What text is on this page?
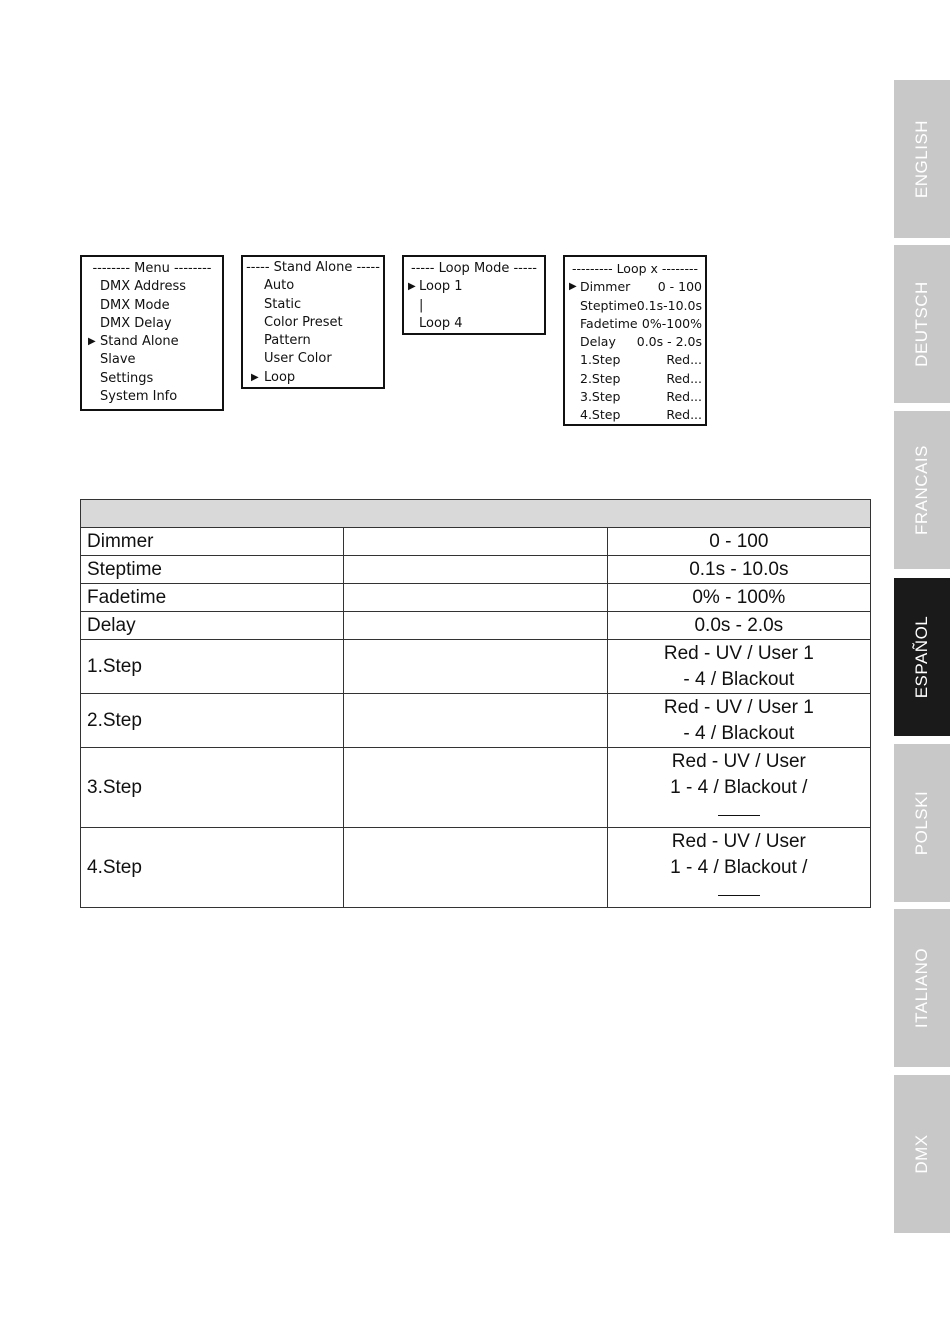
-------- Menu --------
DMX Address
DMX Mode
DMX Delay
▶ Stand Alone
Slave
Settings
System Info
----- Stand Alone -----
Auto
Static
Color Preset
Pattern
User Color
▶ Loop
----- Loop Mode -----
▶ Loop 1
|
Loop 4
--------- Loop x --------
▶ Dimmer 0 - 100
Steptime 0.1s-10.0s
Fadetime 0%-100%
Delay 0.0s - 2.0s
1.Step	Red...
2.Step	Red...
3.Step	Red...
4.Step	Red...

Dimmer		0 - 100
Steptime		0.1s - 10.0s
Fadetime		0% - 100%
Delay		0.0s - 2.0s
1.Step		Red - UV / User 1
- 4 / Blackout

2.Step		Red - UV / User 1
- 4 / Blackout

3.Step		Red - UV / User
1 - 4 / Blackout /

4.Step		Red - UV / User
1 - 4 / Blackout /
ENGLISH
DEUTSCH
FRANCAIS
ESPAÑOL
POLSKI
ITALIANO
DMX
